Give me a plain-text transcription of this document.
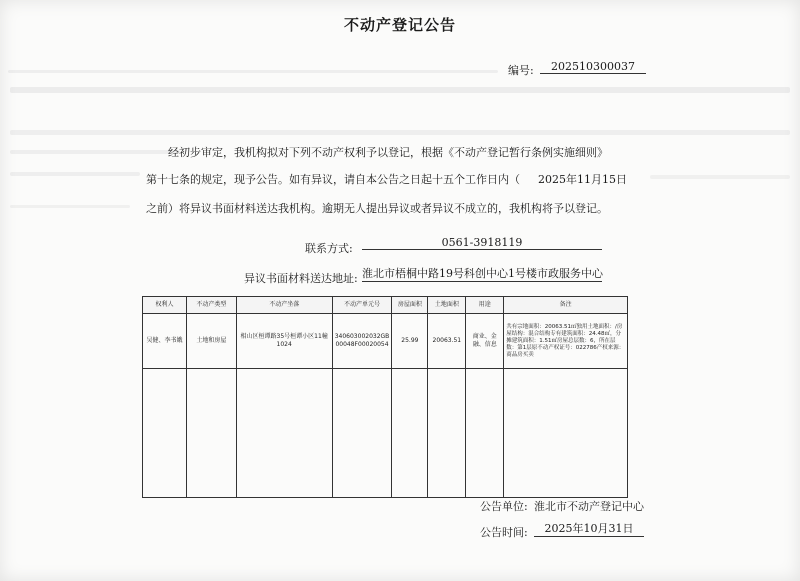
不动产登记公告
编号:	202510300037
经初步审定，我机构拟对下列不动产权利予以登记，根据《不动产登记暂行条例实施细则》
第十七条的规定，现予公告。如有异议，请自本公告之日起十五个工作日内（ 2025年11月15日
之前）将异议书面材料送达我机构。逾期无人提出异议或者异议不成立的，我机构将予以登记。
联系方式:	0561-3918119
异议书面材料送达地址: 淮北市梧桐中路19号科创中心1号楼市政服务中心
权利人	不动产类型	不动产坐落	不动产单元号	房屋面积	土地面积	用途	备注
吴健、李书娥	土地和房屋	相山区桓谭路35号桓谭小区11幢1024	340603002032GB00048F00020054	25.99	20063.51	商业、金融、信息	共有宗地面积：20063.51㎡独用土地面积：/房屋结构：混合结构专有建筑面积：24.48㎡，分摊建筑面积：1.51㎡房屋总层数：6，所在层数：第1层原不动产权证号：022786产权来源：商品房买卖

公告单位: 淮北市不动产登记中心
公告时间:	2025年10月31日
